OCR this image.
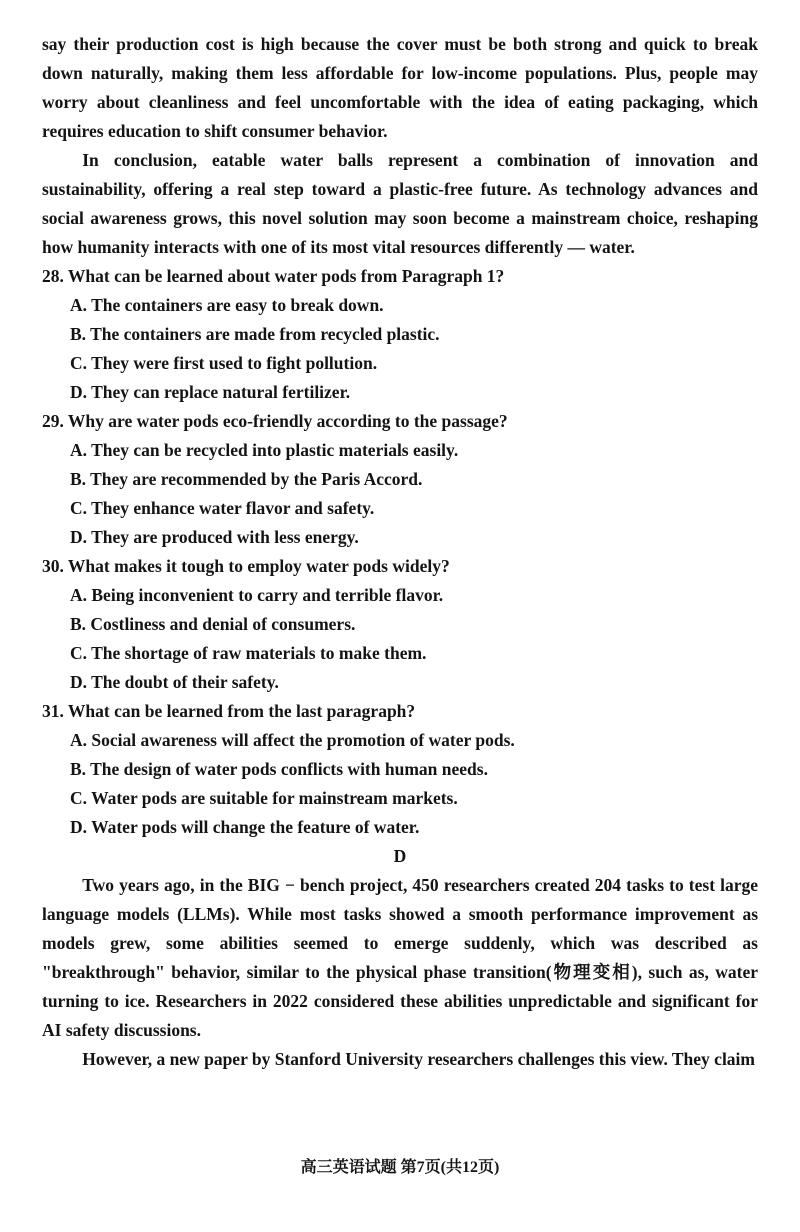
say their production cost is high because the cover must be both strong and quick to break down naturally, making them less affordable for low-income populations. Plus, people may worry about cleanliness and feel uncomfortable with the idea of eating packaging, which requires education to shift consumer behavior.

In conclusion, eatable water balls represent a combination of innovation and sustainability, offering a real step toward a plastic-free future. As technology advances and social awareness grows, this novel solution may soon become a mainstream choice, reshaping how humanity interacts with one of its most vital resources differently — water.

28. What can be learned about water pods from Paragraph 1?
A. The containers are easy to break down.
B. The containers are made from recycled plastic.
C. They were first used to fight pollution.
D. They can replace natural fertilizer.
29. Why are water pods eco-friendly according to the passage?
A. They can be recycled into plastic materials easily.
B. They are recommended by the Paris Accord.
C. They enhance water flavor and safety.
D. They are produced with less energy.
30. What makes it tough to employ water pods widely?
A. Being inconvenient to carry and terrible flavor.
B. Costliness and denial of consumers.
C. The shortage of raw materials to make them.
D. The doubt of their safety.
31. What can be learned from the last paragraph?
A. Social awareness will affect the promotion of water pods.
B. The design of water pods conflicts with human needs.
C. Water pods are suitable for mainstream markets.
D. Water pods will change the feature of water.
D

Two years ago, in the BIG − bench project, 450 researchers created 204 tasks to test large language models (LLMs). While most tasks showed a smooth performance improvement as models grew, some abilities seemed to emerge suddenly, which was described as "breakthrough" behavior, similar to the physical phase transition(物理变相), such as, water turning to ice. Researchers in 2022 considered these abilities unpredictable and significant for AI safety discussions.

However, a new paper by Stanford University researchers challenges this view. They claim

高三英语试题 第7页(共12页)
